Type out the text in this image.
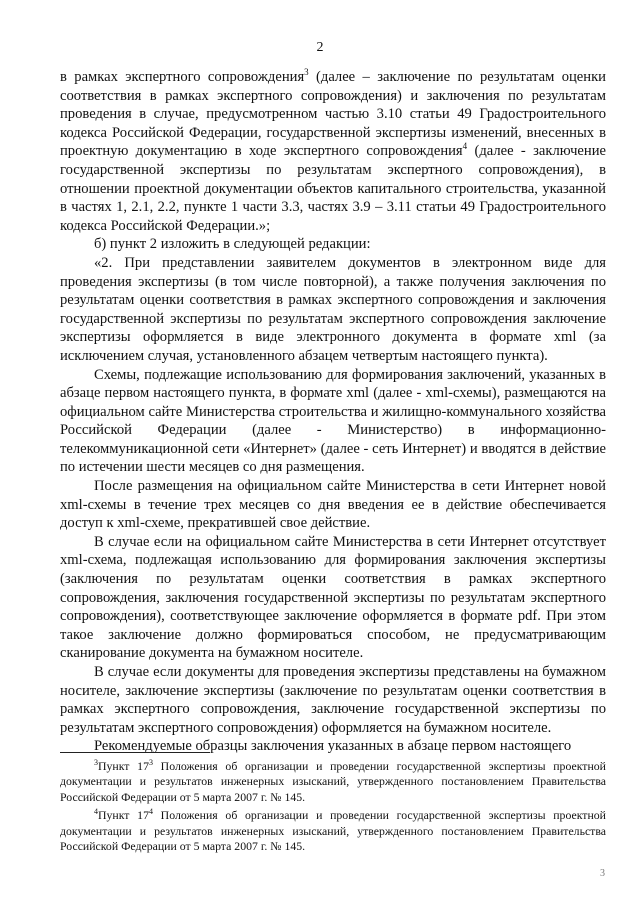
2

в рамках экспертного сопровождения$^3$ (далее – заключение по результатам оценки соответствия в рамках экспертного сопровождения) и заключения по результатам проведения в случае, предусмотренном частью 3.10 статьи 49 Градостроительного кодекса Российской Федерации, государственной экспертизы изменений, внесенных в проектную документацию в ходе экспертного сопровождения$^4$ (далее - заключение государственной экспертизы по результатам экспертного сопровождения), в отношении проектной документации объектов капитального строительства, указанной в частях 1, 2.1, 2.2, пункте 1 части 3.3, частях 3.9 – 3.11 статьи 49 Градостроительного кодекса Российской Федерации.»;

б) пункт 2 изложить в следующей редакции:

«2. При представлении заявителем документов в электронном виде для проведения экспертизы (в том числе повторной), а также получения заключения по результатам оценки соответствия в рамках экспертного сопровождения и заключения государственной экспертизы по результатам экспертного сопровождения заключение экспертизы оформляется в виде электронного документа в формате xml (за исключением случая, установленного абзацем четвертым настоящего пункта).

Схемы, подлежащие использованию для формирования заключений, указанных в абзаце первом настоящего пункта, в формате xml (далее - xml-схемы), размещаются на официальном сайте Министерства строительства и жилищно-коммунального хозяйства Российской Федерации (далее - Министерство) в информационно-телекоммуникационной сети «Интернет» (далее - сеть Интернет) и вводятся в действие по истечении шести месяцев со дня размещения.

После размещения на официальном сайте Министерства в сети Интернет новой xml-схемы в течение трех месяцев со дня введения ее в действие обеспечивается доступ к xml-схеме, прекратившей свое действие.

В случае если на официальном сайте Министерства в сети Интернет отсутствует xml-схема, подлежащая использованию для формирования заключения экспертизы (заключения по результатам оценки соответствия в рамках экспертного сопровождения, заключения государственной экспертизы по результатам экспертного сопровождения), соответствующее заключение оформляется в формате pdf. При этом такое заключение должно формироваться способом, не предусматривающим сканирование документа на бумажном носителе.

В случае если документы для проведения экспертизы представлены на бумажном носителе, заключение экспертизы (заключение по результатам оценки соответствия в рамках экспертного сопровождения, заключение государственной экспертизы по результатам экспертного сопровождения) оформляется на бумажном носителе.

Рекомендуемые образцы заключения указанных в абзаце первом настоящего

$^3$Пункт $17^3$ Положения об организации и проведении государственной экспертизы проектной документации и результатов инженерных изысканий, утвержденного постановлением Правительства Российской Федерации от 5 марта 2007 г. № 145.

$^4$Пункт $17^4$ Положения об организации и проведении государственной экспертизы проектной документации и результатов инженерных изысканий, утвержденного постановлением Правительства Российской Федерации от 5 марта 2007 г. № 145.

3
